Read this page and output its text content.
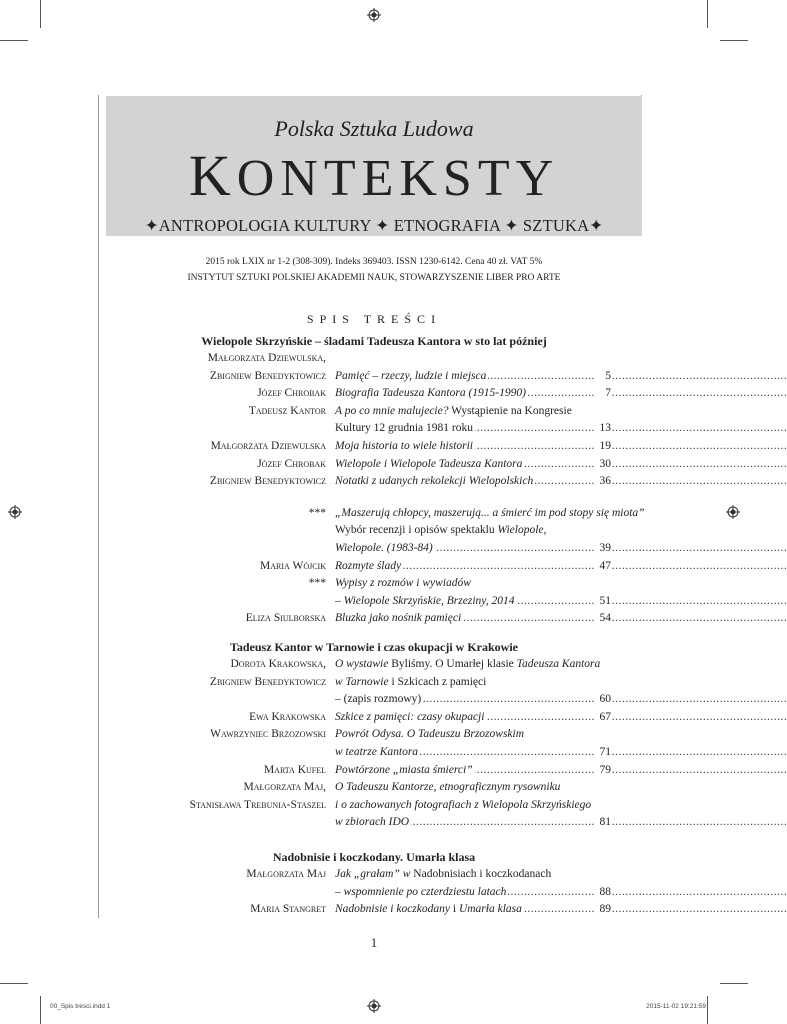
Polska Sztuka Ludowa
KONTEKSTY
✦ANTROPOLOGIA KULTURY ✦ ETNOGRAFIA ✦ SZTUKA✦
2015 rok LXIX nr 1-2 (308-309). Indeks 369403. ISSN 1230-6142. Cena 40 zł. VAT 5%
INSTYTUT SZTUKI POLSKIEJ AKADEMII NAUK, STOWARZYSZENIE LIBER PRO ARTE
SPIS TREŚCI
Wielopole Skrzyńskie – śladami Tadeusza Kantora w sto lat później
Małgorzata Dziewulska,
Zbigniew Benedyktowicz Pamięć – rzeczy, ludzie i miejsca .....	5
Józef Chrobak Biografia Tadeusza Kantora (1915-1990) .....	7
Tadeusz Kantor A po co mnie malujecie? Wystąpienie na Kongresie
Kultury 12 grudnia 1981 roku .....	13
Małgorzata Dziewulska Moja historia to wiele historii .....	19
Józef Chrobak Wielopole i Wielopole Tadeusza Kantora .....	30
Zbigniew Benedyktowicz Notatki z udanych rekolekcji Wielopolskich .....	36
*** „Maszerują chłopcy, maszerują... a śmierć im pod stopy się miota”
Wybór recenzji i opisów spektaklu Wielopole,
Wielopole. (1983-84) .....	39
Maria Wójcik Rozmyte ślady .....	47
*** Wypisy z rozmów i wywiadów
– Wielopole Skrzyńskie, Brzeziny, 2014 .....	51
Eliza Siulborska Bluzka jako nośnik pamięci .....	54
Tadeusz Kantor w Tarnowie i czas okupacji w Krakowie
Dorota Krakowska, O wystawie Byliśmy. O Umarłej klasie Tadeusza Kantora
Zbigniew Benedyktowicz w Tarnowie i Szkicach z pamięci
– (zapis rozmowy) .....	60
Ewa Krakowska Szkice z pamięci: czasy okupacji .....	67
Wawrzyniec Brzozowski Powrót Odysa. O Tadeuszu Brzozowskim
w teatrze Kantora .....	71
Marta Kufel Powtórzone „miasta śmierci” .....	79
Małgorzata Maj, O Tadeuszu Kantorze, etnograficznym rysowniku
Stanisława Trebunia-Staszel i o zachowanych fotografiach z Wielopola Skrzyńskiego
w zbiorach IDO .....	81
Nadobnisie i koczkodany. Umarła klasa
Małgorzata Maj Jak „grałam” w Nadobnisiach i koczkodanach
– wspomnienie po czterdziestu latach .....	88
Maria Stangret Nadobnisie i koczkodany i Umarła klasa .....	89
1
00_Spis tresci.indd 1	2015-11-02 19:21:59
